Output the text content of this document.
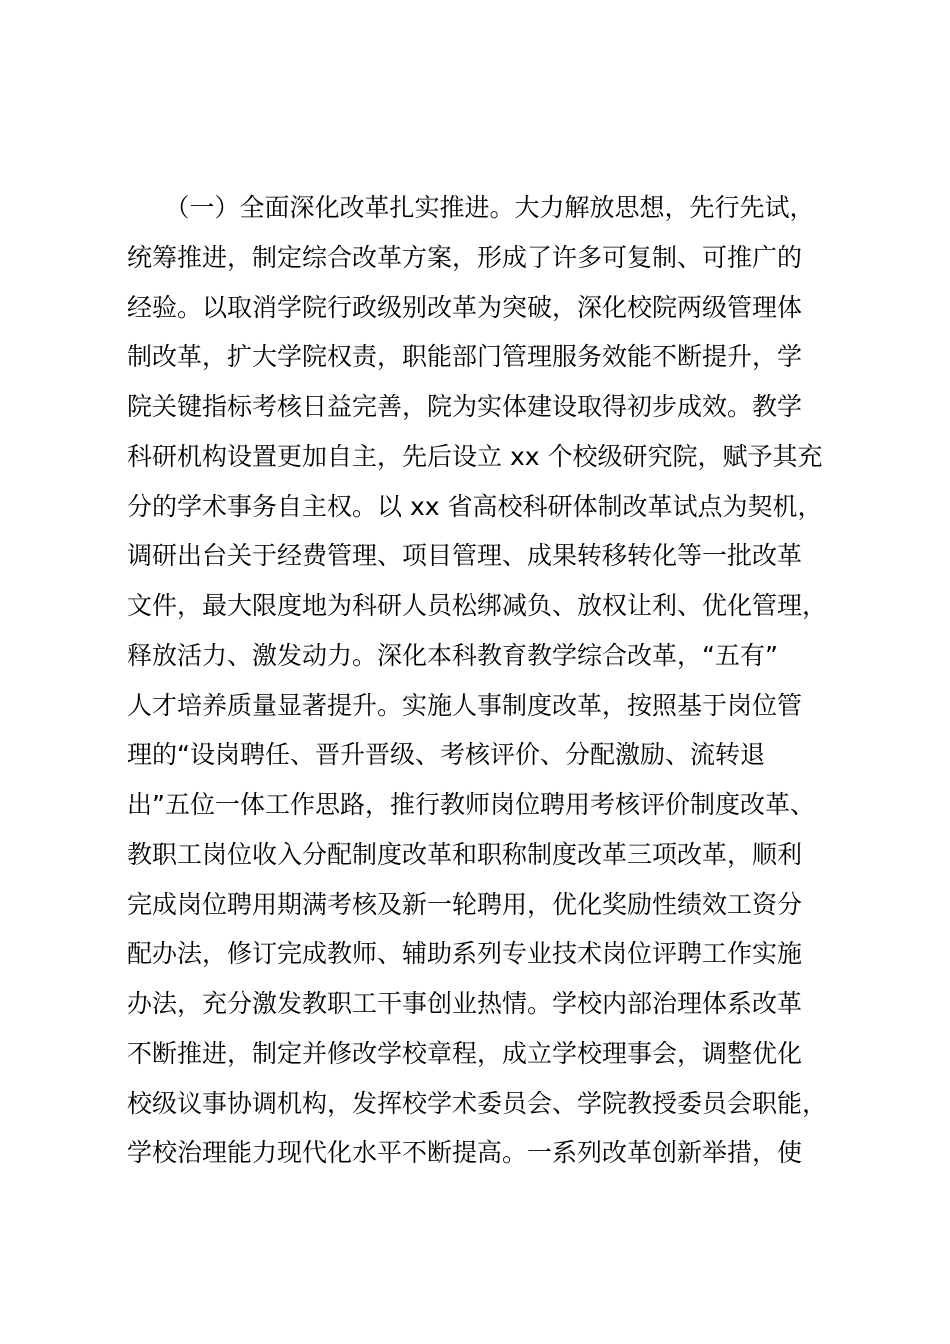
　　（一）全面深化改革扎实推进。大力解放思想，先行先试，
统筹推进，制定综合改革方案，形成了许多可复制、可推广的
经验。以取消学院行政级别改革为突破，深化校院两级管理体
制改革，扩大学院权责，职能部门管理服务效能不断提升，学
院关键指标考核日益完善，院为实体建设取得初步成效。教学
科研机构设置更加自主，先后设立 xx 个校级研究院，赋予其充
分的学术事务自主权。以 xx 省高校科研体制改革试点为契机，
调研出台关于经费管理、项目管理、成果转移转化等一批改革
文件，最大限度地为科研人员松绑减负、放权让利、优化管理，
释放活力、激发动力。深化本科教育教学综合改革，“五有”
人才培养质量显著提升。实施人事制度改革，按照基于岗位管
理的“设岗聘任、晋升晋级、考核评价、分配激励、流转退
出”五位一体工作思路，推行教师岗位聘用考核评价制度改革、
教职工岗位收入分配制度改革和职称制度改革三项改革，顺利
完成岗位聘用期满考核及新一轮聘用，优化奖励性绩效工资分
配办法，修订完成教师、辅助系列专业技术岗位评聘工作实施
办法，充分激发教职工干事创业热情。学校内部治理体系改革
不断推进，制定并修改学校章程，成立学校理事会，调整优化
校级议事协调机构，发挥校学术委员会、学院教授委员会职能，
学校治理能力现代化水平不断提高。一系列改革创新举措，使
